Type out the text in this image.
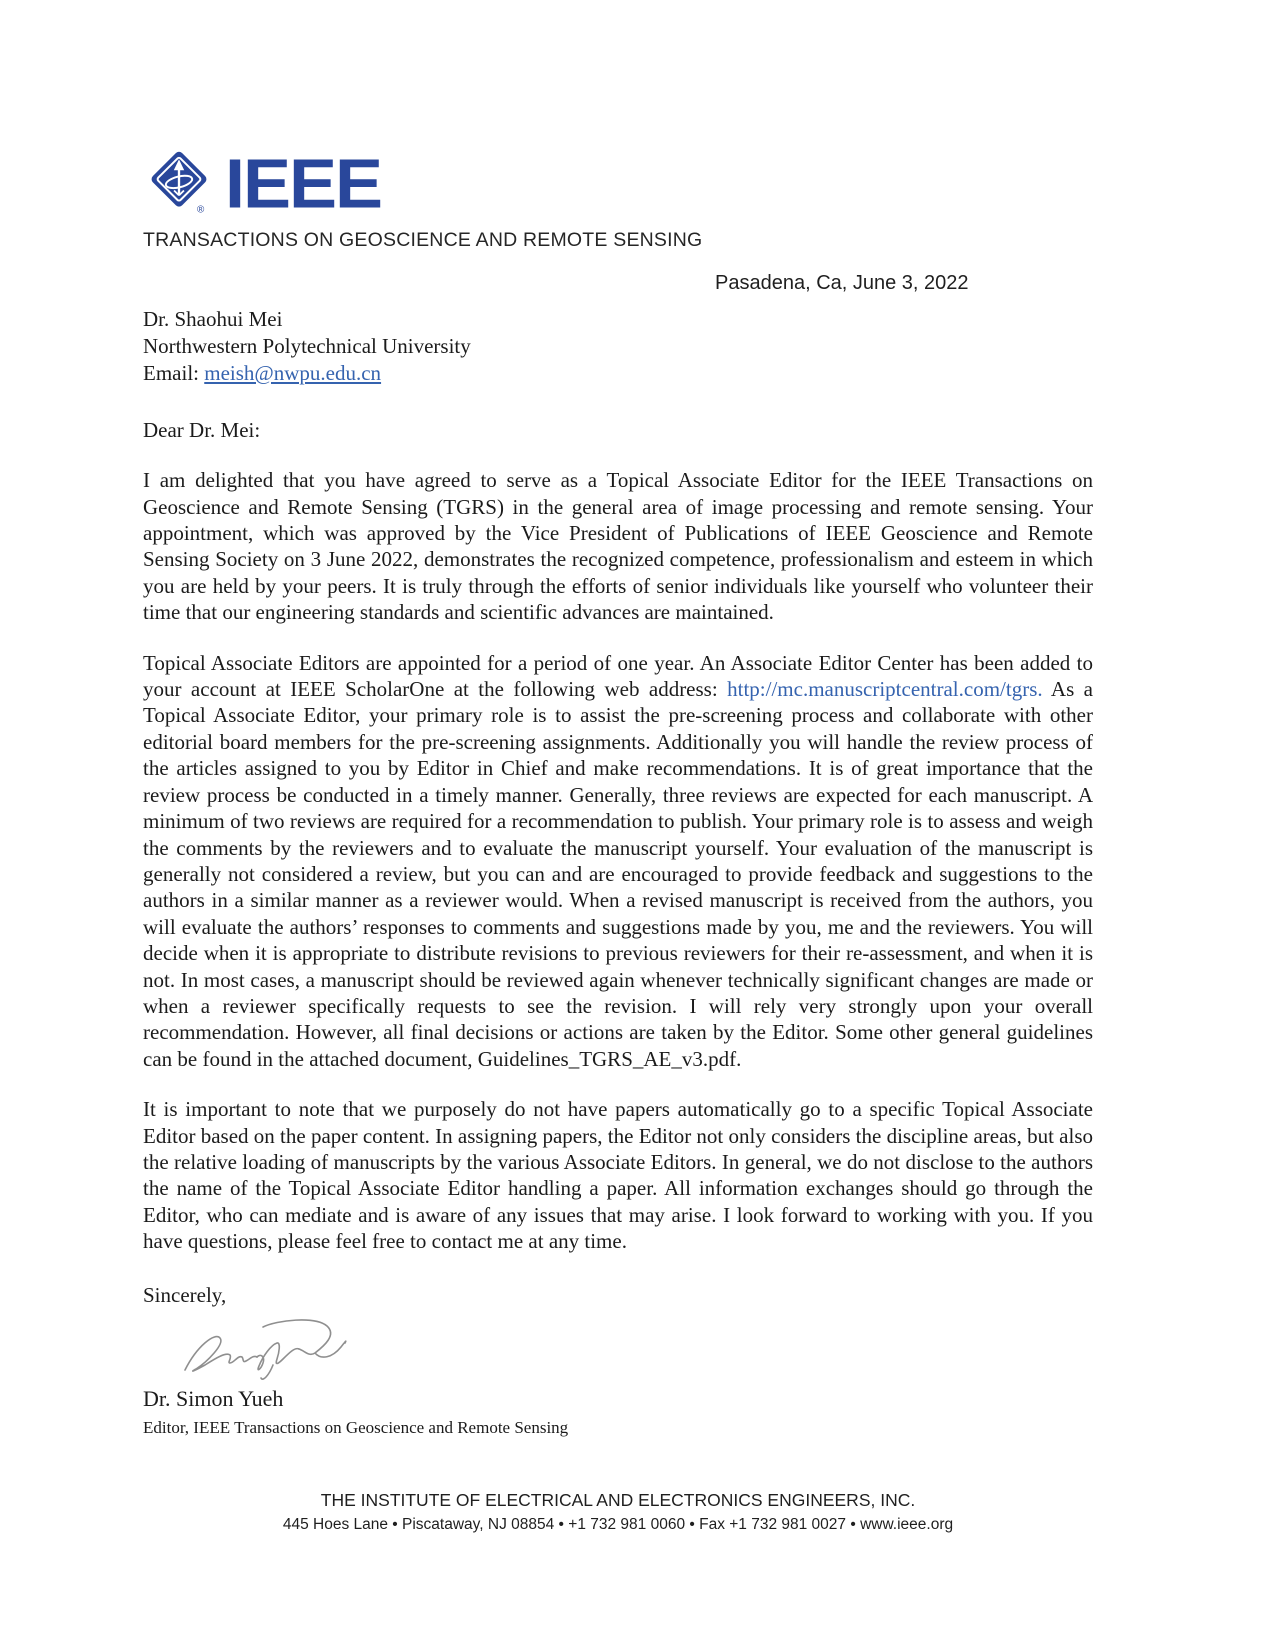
® IEEE
TRANSACTIONS ON GEOSCIENCE AND REMOTE SENSING
Pasadena, Ca, June 3, 2022
Dr. Shaohui Mei
Northwestern Polytechnical University
Email: meish@nwpu.edu.cn
Dear Dr. Mei:

I am delighted that you have agreed to serve as a Topical Associate Editor for the IEEE Transactions on Geoscience and Remote Sensing (TGRS) in the general area of image processing and remote sensing. Your appointment, which was approved by the Vice President of Publications of IEEE Geoscience and Remote Sensing Society on 3 June 2022, demonstrates the recognized competence, professionalism and esteem in which you are held by your peers. It is truly through the efforts of senior individuals like yourself who volunteer their time that our engineering standards and scientific advances are maintained.

Topical Associate Editors are appointed for a period of one year. An Associate Editor Center has been added to your account at IEEE ScholarOne at the following web address: http://mc.manuscriptcentral.com/tgrs. As a Topical Associate Editor, your primary role is to assist the pre-screening process and collaborate with other editorial board members for the pre-screening assignments. Additionally you will handle the review process of the articles assigned to you by Editor in Chief and make recommendations. It is of great importance that the review process be conducted in a timely manner. Generally, three reviews are expected for each manuscript. A minimum of two reviews are required for a recommendation to publish. Your primary role is to assess and weigh the comments by the reviewers and to evaluate the manuscript yourself. Your evaluation of the manuscript is generally not considered a review, but you can and are encouraged to provide feedback and suggestions to the authors in a similar manner as a reviewer would. When a revised manuscript is received from the authors, you will evaluate the authors’ responses to comments and suggestions made by you, me and the reviewers. You will decide when it is appropriate to distribute revisions to previous reviewers for their re-assessment, and when it is not. In most cases, a manuscript should be reviewed again whenever technically significant changes are made or when a reviewer specifically requests to see the revision. I will rely very strongly upon your overall recommendation. However, all final decisions or actions are taken by the Editor. Some other general guidelines can be found in the attached document, Guidelines_TGRS_AE_v3.pdf.

It is important to note that we purposely do not have papers automatically go to a specific Topical Associate Editor based on the paper content. In assigning papers, the Editor not only considers the discipline areas, but also the relative loading of manuscripts by the various Associate Editors. In general, we do not disclose to the authors the name of the Topical Associate Editor handling a paper. All information exchanges should go through the Editor, who can mediate and is aware of any issues that may arise. I look forward to working with you. If you have questions, please feel free to contact me at any time.

Sincerely,
Dr. Simon Yueh
Editor, IEEE Transactions on Geoscience and Remote Sensing
THE INSTITUTE OF ELECTRICAL AND ELECTRONICS ENGINEERS, INC.
445 Hoes Lane • Piscataway, NJ 08854 • +1 732 981 0060 • Fax +1 732 981 0027 • www.ieee.org
